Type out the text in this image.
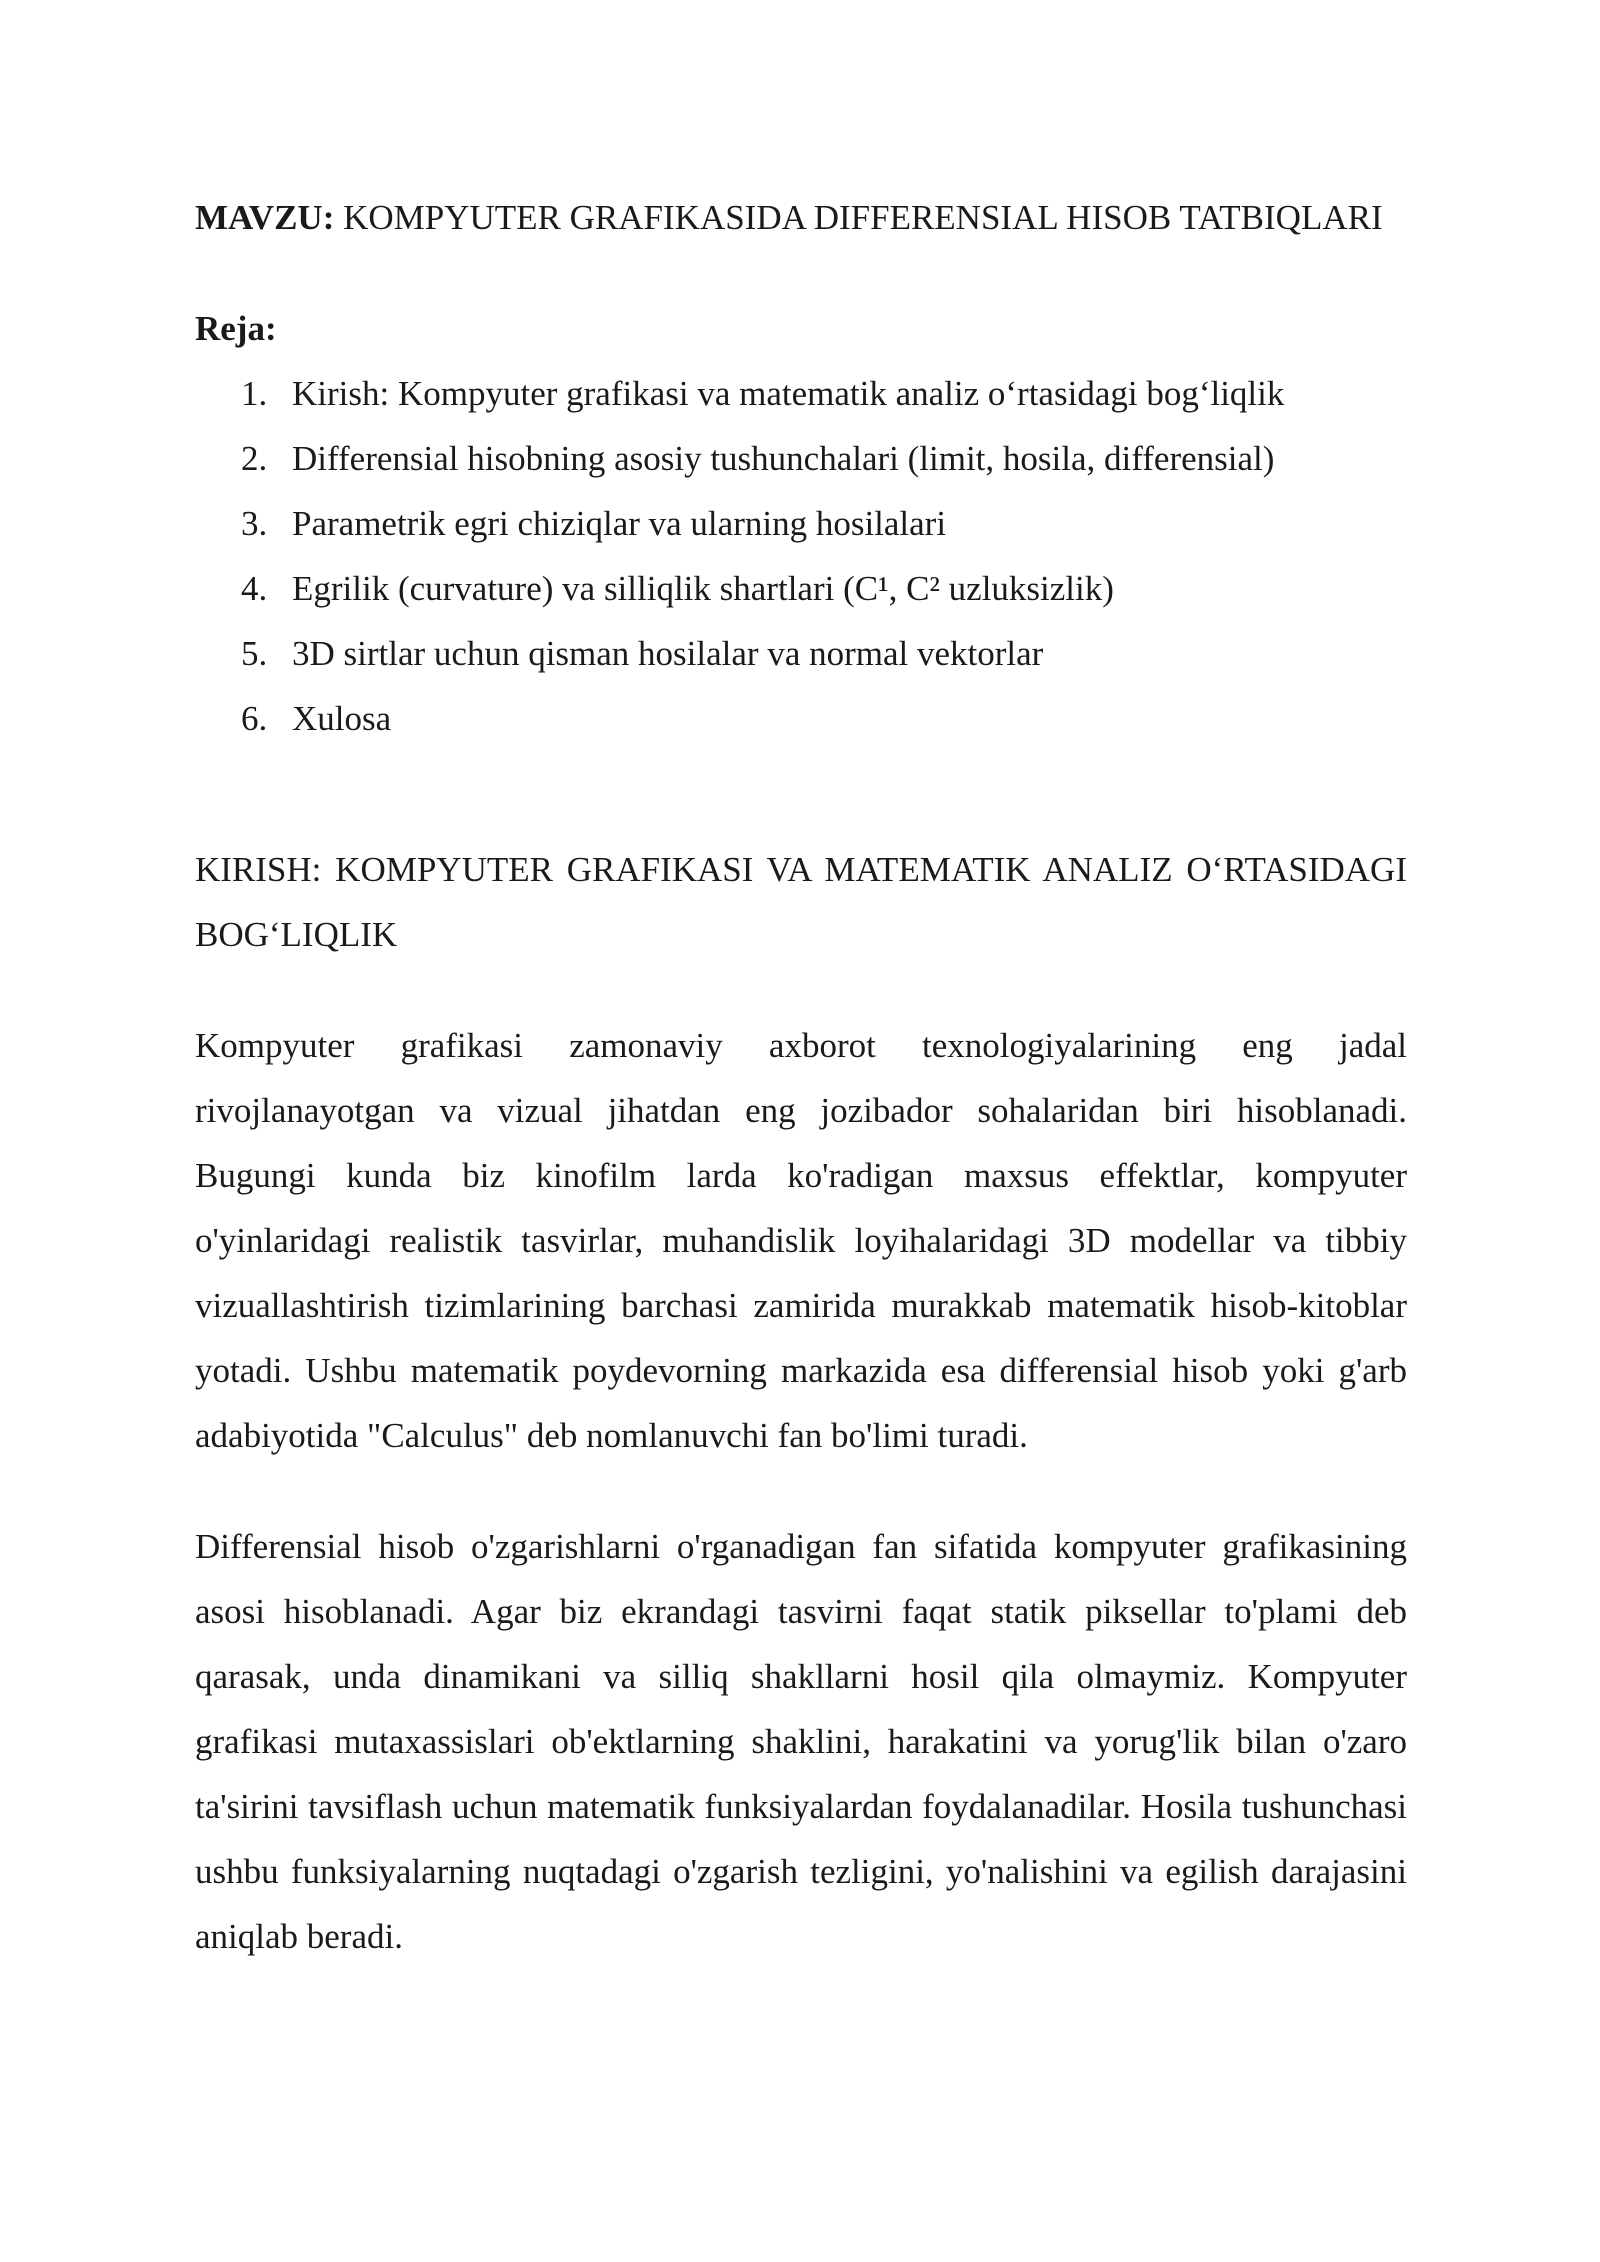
MAVZU: KOMPYUTER GRAFIKASIDA DIFFERENSIAL HISOB TATBIQLARI

Reja:

1. Kirish: Kompyuter grafikasi va matematik analiz o‘rtasidagi bog‘liqlik
2. Differensial hisobning asosiy tushunchalari (limit, hosila, differensial)
3. Parametrik egri chiziqlar va ularning hosilalari
4. Egrilik (curvature) va silliqlik shartlari (C¹, C² uzluksizlik)
5. 3D sirtlar uchun qisman hosilalar va normal vektorlar
6. Xulosa

KIRISH: KOMPYUTER GRAFIKASI VA MATEMATIK ANALIZ O‘RTASIDAGI BOG‘LIQLIK

Kompyuter grafikasi zamonaviy axborot texnologiyalarining eng jadal rivojlanayotgan va vizual jihatdan eng jozibador sohalaridan biri hisoblanadi. Bugungi kunda biz kinofilm larda ko'radigan maxsus effektlar, kompyuter o'yinlaridagi realistik tasvirlar, muhandislik loyihalaridagi 3D modellar va tibbiy vizuallashtirish tizimlarining barchasi zamirida murakkab matematik hisob-kitoblar yotadi. Ushbu matematik poydevorning markazida esa differensial hisob yoki g'arb adabiyotida "Calculus" deb nomlanuvchi fan bo'limi turadi.

Differensial hisob o'zgarishlarni o'rganadigan fan sifatida kompyuter grafikasining asosi hisoblanadi. Agar biz ekrandagi tasvirni faqat statik piksellar to'plami deb qarasak, unda dinamikani va silliq shakllarni hosil qila olmaymiz. Kompyuter grafikasi mutaxassislari ob'ektlarning shaklini, harakatini va yorug'lik bilan o'zaro ta'sirini tavsiflash uchun matematik funksiyalardan foydalanadilar. Hosila tushunchasi ushbu funksiyalarning nuqtadagi o'zgarish tezligini, yo'nalishini va egilish darajasini aniqlab beradi.
